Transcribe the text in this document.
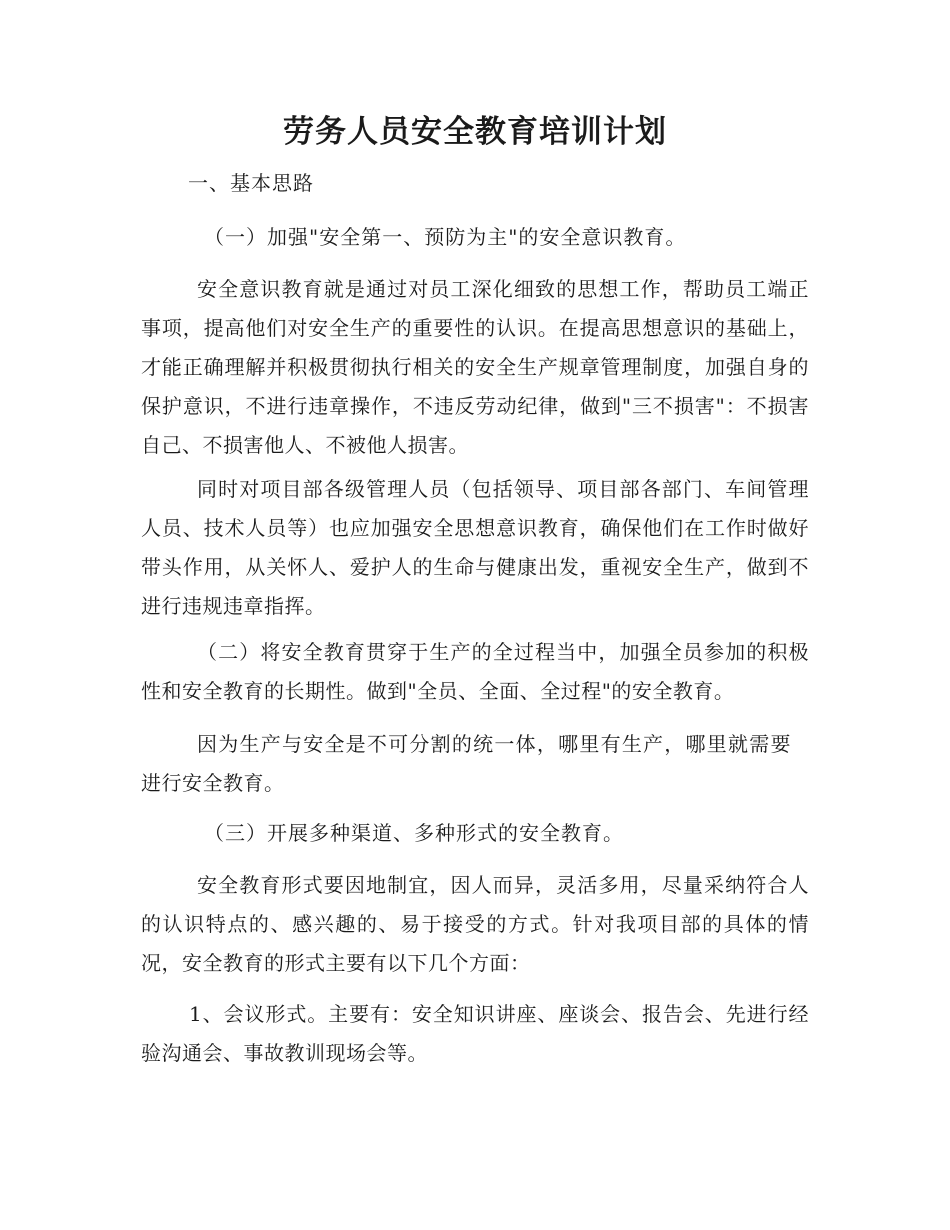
劳务人员安全教育培训计划
一、基本思路
（一）加强"安全第一、预防为主"的安全意识教育。

安全意识教育就是通过对员工深化细致的思想工作，帮助员工端正事项，提高他们对安全生产的重要性的认识。在提高思想意识的基础上，才能正确理解并积极贯彻执行相关的安全生产规章管理制度，加强自身的保护意识，不进行违章操作，不违反劳动纪律，做到"三不损害"：不损害自己、不损害他人、不被他人损害。

同时对项目部各级管理人员（包括领导、项目部各部门、车间管理人员、技术人员等）也应加强安全思想意识教育，确保他们在工作时做好带头作用，从关怀人、爱护人的生命与健康出发，重视安全生产，做到不进行违规违章指挥。

（二）将安全教育贯穿于生产的全过程当中，加强全员参加的积极性和安全教育的长期性。做到"全员、全面、全过程"的安全教育。

因为生产与安全是不可分割的统一体，哪里有生产，哪里就需要进行安全教育。

（三）开展多种渠道、多种形式的安全教育。

安全教育形式要因地制宜，因人而异，灵活多用，尽量采纳符合人的认识特点的、感兴趣的、易于接受的方式。针对我项目部的具体的情况，安全教育的形式主要有以下几个方面：

1、会议形式。主要有：安全知识讲座、座谈会、报告会、先进行经验沟通会、事故教训现场会等。
